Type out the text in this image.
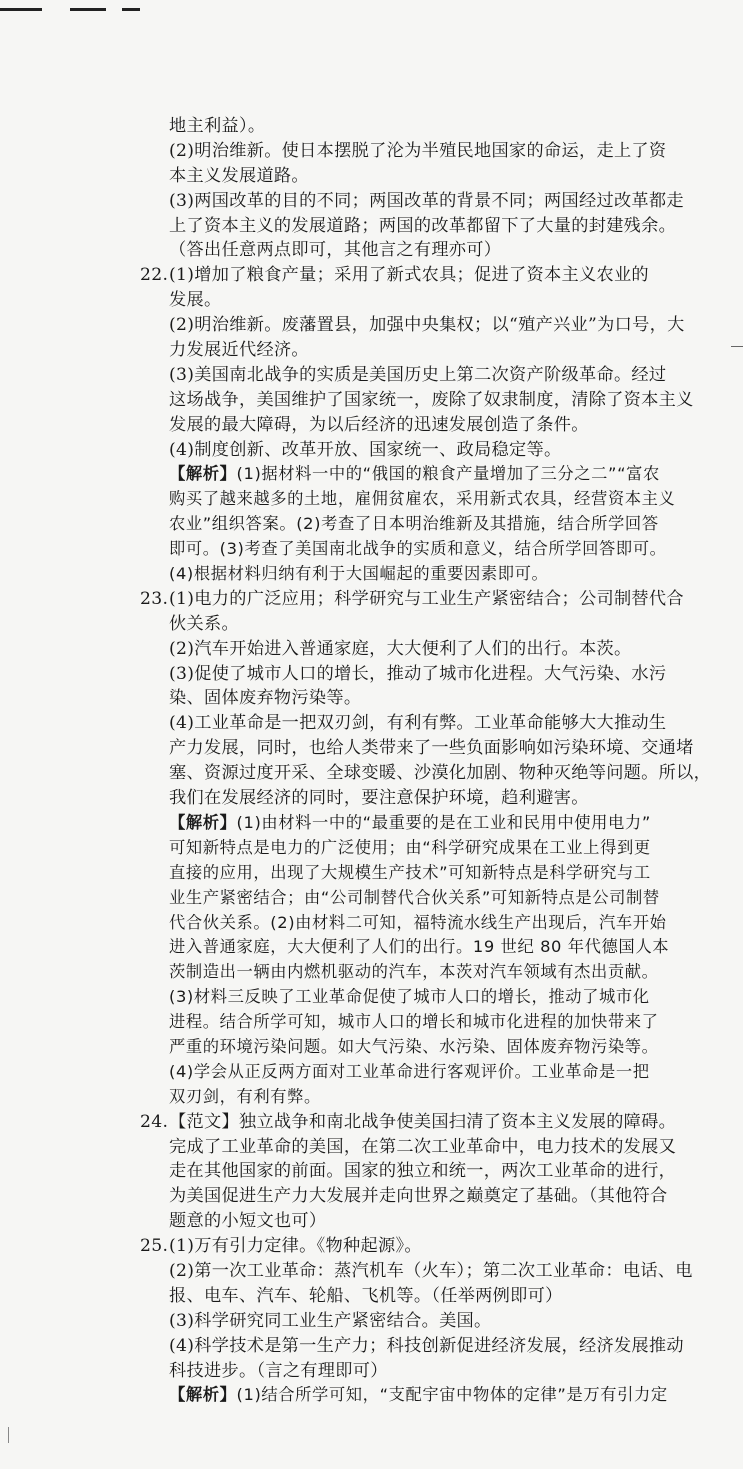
地主利益）。
(2)明治维新。使日本摆脱了沦为半殖民地国家的命运，走上了资
本主义发展道路。
(3)两国改革的目的不同；两国改革的背景不同；两国经过改革都走
上了资本主义的发展道路；两国的改革都留下了大量的封建残余。
（答出任意两点即可，其他言之有理亦可）
22.(1)增加了粮食产量；采用了新式农具；促进了资本主义农业的
发展。
(2)明治维新。废藩置县，加强中央集权；以“殖产兴业”为口号，大
力发展近代经济。
(3)美国南北战争的实质是美国历史上第二次资产阶级革命。经过
这场战争，美国维护了国家统一，废除了奴隶制度，清除了资本主义
发展的最大障碍，为以后经济的迅速发展创造了条件。
(4)制度创新、改革开放、国家统一、政局稳定等。
【解析】(1)据材料一中的“俄国的粮食产量增加了三分之二”“富农
购买了越来越多的土地，雇佣贫雇农，采用新式农具，经营资本主义
农业”组织答案。(2)考查了日本明治维新及其措施，结合所学回答
即可。(3)考查了美国南北战争的实质和意义，结合所学回答即可。
(4)根据材料归纳有利于大国崛起的重要因素即可。
23.(1)电力的广泛应用；科学研究与工业生产紧密结合；公司制替代合
伙关系。
(2)汽车开始进入普通家庭，大大便利了人们的出行。本茨。
(3)促使了城市人口的增长，推动了城市化进程。大气污染、水污
染、固体废弃物污染等。
(4)工业革命是一把双刃剑，有利有弊。工业革命能够大大推动生
产力发展，同时，也给人类带来了一些负面影响如污染环境、交通堵
塞、资源过度开采、全球变暖、沙漠化加剧、物种灭绝等问题。所以，
我们在发展经济的同时，要注意保护环境，趋利避害。
【解析】(1)由材料一中的“最重要的是在工业和民用中使用电力”
可知新特点是电力的广泛使用；由“科学研究成果在工业上得到更
直接的应用，出现了大规模生产技术”可知新特点是科学研究与工
业生产紧密结合；由“公司制替代合伙关系”可知新特点是公司制替
代合伙关系。(2)由材料二可知，福特流水线生产出现后，汽车开始
进入普通家庭，大大便利了人们的出行。19 世纪 80 年代德国人本
茨制造出一辆由内燃机驱动的汽车，本茨对汽车领域有杰出贡献。
(3)材料三反映了工业革命促使了城市人口的增长，推动了城市化
进程。结合所学可知，城市人口的增长和城市化进程的加快带来了
严重的环境污染问题。如大气污染、水污染、固体废弃物污染等。
(4)学会从正反两方面对工业革命进行客观评价。工业革命是一把
双刃剑，有利有弊。
24.【范文】独立战争和南北战争使美国扫清了资本主义发展的障碍。
完成了工业革命的美国，在第二次工业革命中，电力技术的发展又
走在其他国家的前面。国家的独立和统一，两次工业革命的进行，
为美国促进生产力大发展并走向世界之巅奠定了基础。（其他符合
题意的小短文也可）
25.(1)万有引力定律。《物种起源》。
(2)第一次工业革命：蒸汽机车（火车）；第二次工业革命：电话、电
报、电车、汽车、轮船、飞机等。（任举两例即可）
(3)科学研究同工业生产紧密结合。美国。
(4)科学技术是第一生产力；科技创新促进经济发展，经济发展推动
科技进步。（言之有理即可）
【解析】(1)结合所学可知，“支配宇宙中物体的定律”是万有引力定
